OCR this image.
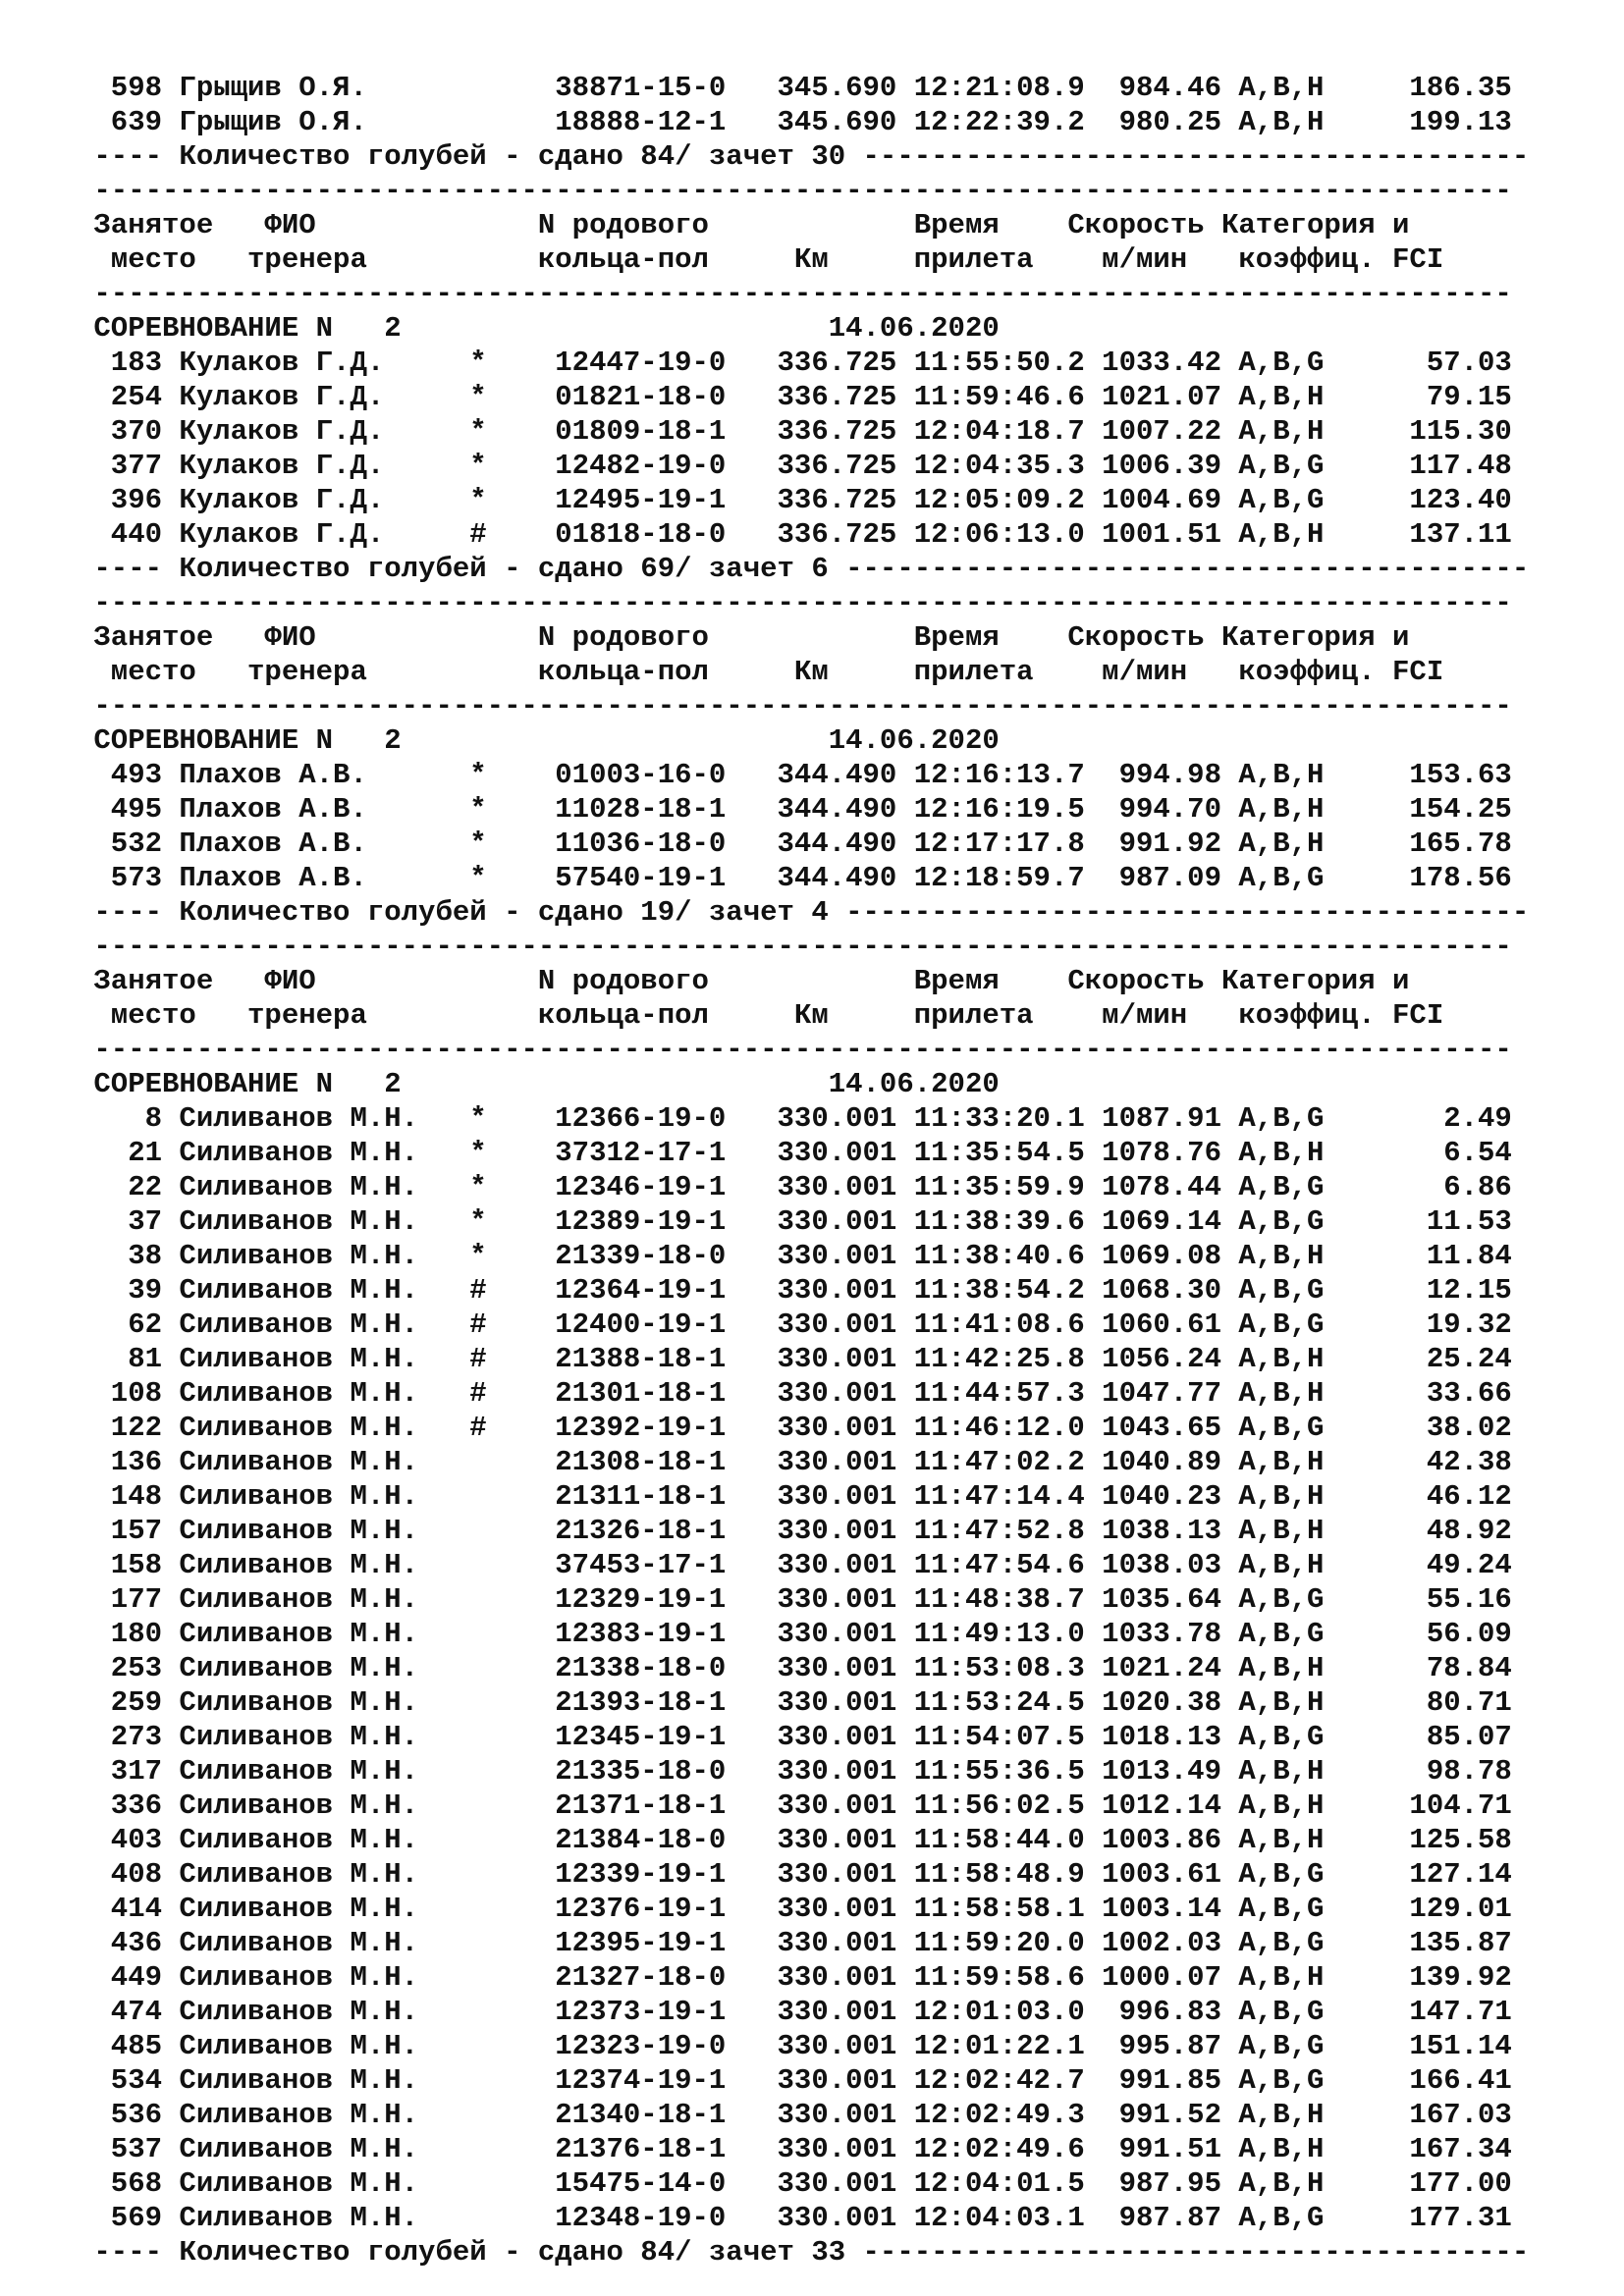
598 Грыщив О.Я.           38871-15-0   345.690 12:21:08.9  984.46 A,B,H     186.35
639 Грыщив О.Я.           18888-12-1   345.690 12:22:39.2  980.25 A,B,H     199.13
---- Количество голубей - сдано 84/ зачет 30 ---------------------------------------
-----------------------------------------------------------------------------------
Занятое   ФИО             N родового            Время    Скорость Категория и
место   тренера          кольца-пол     Км     прилета    м/мин   коэффиц. FCI
-----------------------------------------------------------------------------------
СОРЕВНОВАНИЕ N   2                         14.06.2020
183 Кулаков Г.Д.     *    12447-19-0   336.725 11:55:50.2 1033.42 A,B,G      57.03
254 Кулаков Г.Д.     *    01821-18-0   336.725 11:59:46.6 1021.07 A,B,H      79.15
370 Кулаков Г.Д.     *    01809-18-1   336.725 12:04:18.7 1007.22 A,B,H     115.30
377 Кулаков Г.Д.     *    12482-19-0   336.725 12:04:35.3 1006.39 A,B,G     117.48
396 Кулаков Г.Д.     *    12495-19-1   336.725 12:05:09.2 1004.69 A,B,G     123.40
440 Кулаков Г.Д.     #    01818-18-0   336.725 12:06:13.0 1001.51 A,B,H     137.11
---- Количество голубей - сдано 69/ зачет 6 ----------------------------------------
-----------------------------------------------------------------------------------
Занятое   ФИО             N родового            Время    Скорость Категория и
место   тренера          кольца-пол     Км     прилета    м/мин   коэффиц. FCI
-----------------------------------------------------------------------------------
СОРЕВНОВАНИЕ N   2                         14.06.2020
493 Плахов А.В.      *    01003-16-0   344.490 12:16:13.7  994.98 A,B,H     153.63
495 Плахов А.В.      *    11028-18-1   344.490 12:16:19.5  994.70 A,B,H     154.25
532 Плахов А.В.      *    11036-18-0   344.490 12:17:17.8  991.92 A,B,H     165.78
573 Плахов А.В.      *    57540-19-1   344.490 12:18:59.7  987.09 A,B,G     178.56
---- Количество голубей - сдано 19/ зачет 4 ----------------------------------------
-----------------------------------------------------------------------------------
Занятое   ФИО             N родового            Время    Скорость Категория и
место   тренера          кольца-пол     Км     прилета    м/мин   коэффиц. FCI
-----------------------------------------------------------------------------------
СОРЕВНОВАНИЕ N   2                         14.06.2020
8 Силиванов М.Н.   *    12366-19-0   330.001 11:33:20.1 1087.91 A,B,G       2.49
21 Силиванов М.Н.   *    37312-17-1   330.001 11:35:54.5 1078.76 A,B,H       6.54
22 Силиванов М.Н.   *    12346-19-1   330.001 11:35:59.9 1078.44 A,B,G       6.86
37 Силиванов М.Н.   *    12389-19-1   330.001 11:38:39.6 1069.14 A,B,G      11.53
38 Силиванов М.Н.   *    21339-18-0   330.001 11:38:40.6 1069.08 A,B,H      11.84
39 Силиванов М.Н.   #    12364-19-1   330.001 11:38:54.2 1068.30 A,B,G      12.15
62 Силиванов М.Н.   #    12400-19-1   330.001 11:41:08.6 1060.61 A,B,G      19.32
81 Силиванов М.Н.   #    21388-18-1   330.001 11:42:25.8 1056.24 A,B,H      25.24
108 Силиванов М.Н.   #    21301-18-1   330.001 11:44:57.3 1047.77 A,B,H      33.66
122 Силиванов М.Н.   #    12392-19-1   330.001 11:46:12.0 1043.65 A,B,G      38.02
136 Силиванов М.Н.        21308-18-1   330.001 11:47:02.2 1040.89 A,B,H      42.38
148 Силиванов М.Н.        21311-18-1   330.001 11:47:14.4 1040.23 A,B,H      46.12
157 Силиванов М.Н.        21326-18-1   330.001 11:47:52.8 1038.13 A,B,H      48.92
158 Силиванов М.Н.        37453-17-1   330.001 11:47:54.6 1038.03 A,B,H      49.24
177 Силиванов М.Н.        12329-19-1   330.001 11:48:38.7 1035.64 A,B,G      55.16
180 Силиванов М.Н.        12383-19-1   330.001 11:49:13.0 1033.78 A,B,G      56.09
253 Силиванов М.Н.        21338-18-0   330.001 11:53:08.3 1021.24 A,B,H      78.84
259 Силиванов М.Н.        21393-18-1   330.001 11:53:24.5 1020.38 A,B,H      80.71
273 Силиванов М.Н.        12345-19-1   330.001 11:54:07.5 1018.13 A,B,G      85.07
317 Силиванов М.Н.        21335-18-0   330.001 11:55:36.5 1013.49 A,B,H      98.78
336 Силиванов М.Н.        21371-18-1   330.001 11:56:02.5 1012.14 A,B,H     104.71
403 Силиванов М.Н.        21384-18-0   330.001 11:58:44.0 1003.86 A,B,H     125.58
408 Силиванов М.Н.        12339-19-1   330.001 11:58:48.9 1003.61 A,B,G     127.14
414 Силиванов М.Н.        12376-19-1   330.001 11:58:58.1 1003.14 A,B,G     129.01
436 Силиванов М.Н.        12395-19-1   330.001 11:59:20.0 1002.03 A,B,G     135.87
449 Силиванов М.Н.        21327-18-0   330.001 11:59:58.6 1000.07 A,B,H     139.92
474 Силиванов М.Н.        12373-19-1   330.001 12:01:03.0  996.83 A,B,G     147.71
485 Силиванов М.Н.        12323-19-0   330.001 12:01:22.1  995.87 A,B,G     151.14
534 Силиванов М.Н.        12374-19-1   330.001 12:02:42.7  991.85 A,B,G     166.41
536 Силиванов М.Н.        21340-18-1   330.001 12:02:49.3  991.52 A,B,H     167.03
537 Силиванов М.Н.        21376-18-1   330.001 12:02:49.6  991.51 A,B,H     167.34
568 Силиванов М.Н.        15475-14-0   330.001 12:04:01.5  987.95 A,B,H     177.00
569 Силиванов М.Н.        12348-19-0   330.001 12:04:03.1  987.87 A,B,G     177.31
---- Количество голубей - сдано 84/ зачет 33 ---------------------------------------
